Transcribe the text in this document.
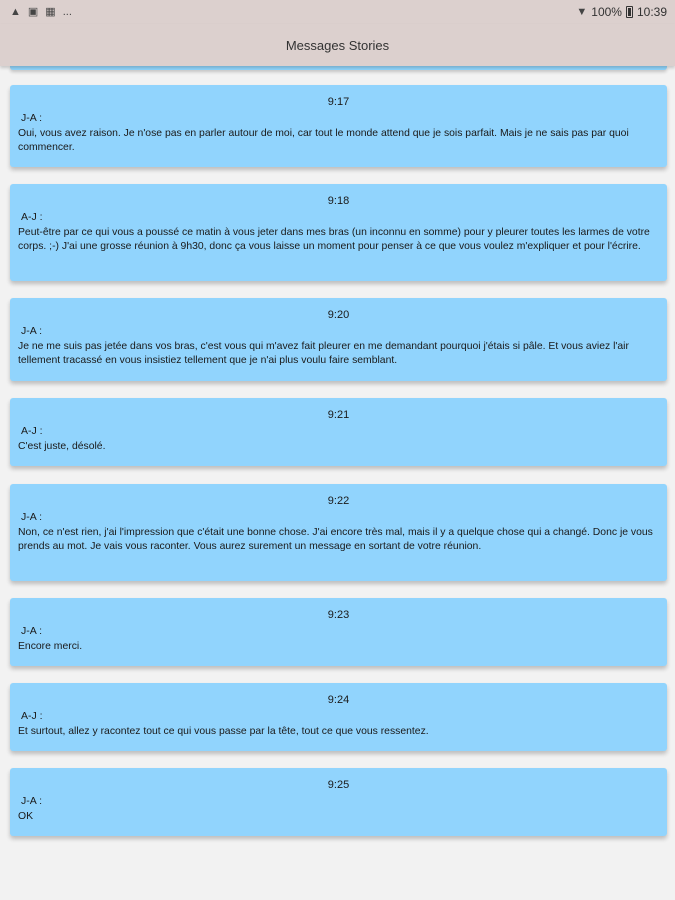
▲ ▣ ▦ ...	▼ 100% 10:39
Messages Stories
9:17
J-A :
Oui, vous avez raison. Je n'ose pas en parler autour de moi, car tout le monde attend que je sois parfait. Mais je ne sais pas par quoi commencer.
9:18
A-J :
Peut-être par ce qui vous a poussé ce matin à vous jeter dans mes bras (un inconnu en somme) pour y pleurer toutes les larmes de votre corps. ;-) J'ai une grosse réunion à 9h30, donc ça vous laisse un moment pour penser à ce que vous voulez m'expliquer et pour l'écrire.
9:20
J-A :
Je ne me suis pas jetée dans vos bras, c'est vous qui m'avez fait pleurer en me demandant pourquoi j'étais si pâle. Et vous aviez l'air tellement tracassé en vous insistiez tellement que je n'ai plus voulu faire semblant.
9:21
A-J :
C'est juste, désolé.
9:22
J-A :
Non, ce n'est rien, j'ai l'impression que c'était une bonne chose. J'ai encore très mal, mais il y a quelque chose qui a changé. Donc je vous prends au mot. Je vais vous raconter. Vous aurez surement un message en sortant de votre réunion.
9:23
J-A :
Encore merci.
9:24
A-J :
Et surtout, allez y racontez tout ce qui vous passe par la tête, tout ce que vous ressentez.
9:25
J-A :
OK
